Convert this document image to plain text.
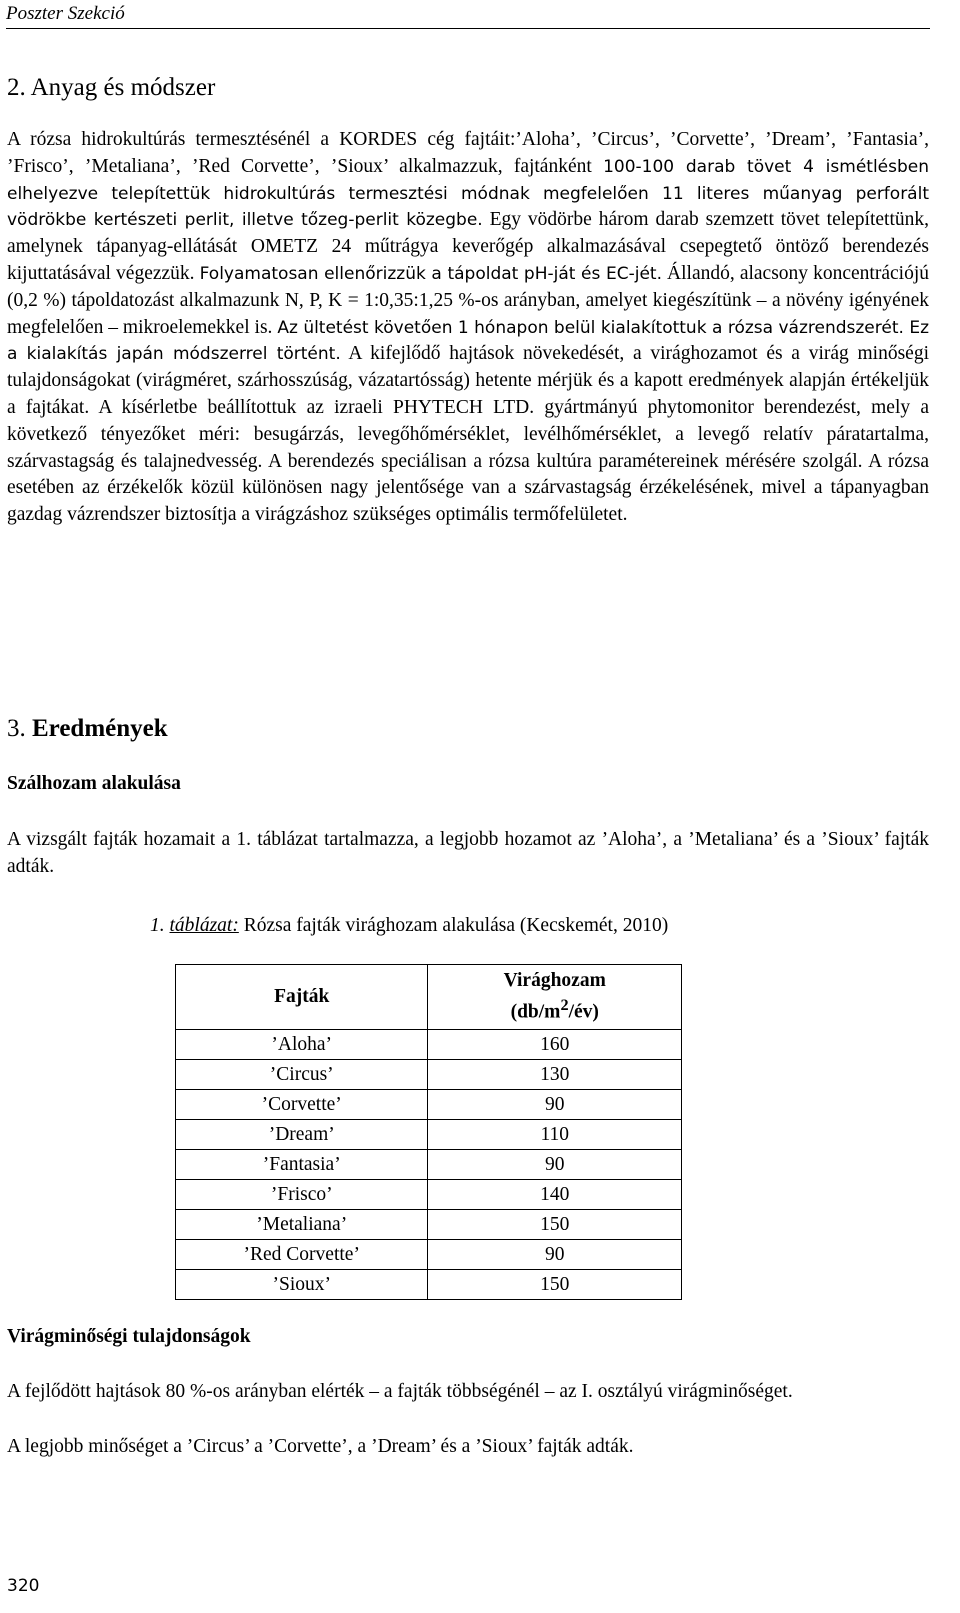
Poszter Szekció
2. Anyag és módszer
A rózsa hidrokultúrás termesztésénél a KORDES cég fajtáit:’Aloha’, ’Circus’, ’Corvette’, ’Dream’, ’Fantasia’, ’Frisco’, ’Metaliana’, ’Red Corvette’, ’Sioux’ alkalmazzuk, fajtánként 100-100 darab tövet 4 ismétlésben elhelyezve telepítettük hidrokultúrás termesztési módnak megfelelően 11 literes műanyag perforált vödrökbe kertészeti perlit, illetve tőzeg-perlit közegbe. Egy vödörbe három darab szemzett tövet telepítettünk, amelynek tápanyag-ellátását OMETZ 24 műtrágya keverőgép alkalmazásával csepegtető öntöző berendezés kijuttatásával végezzük. Folyamatosan ellenőrizzük a tápoldat pH-ját és EC-jét. Állandó, alacsony koncentrációjú (0,2 %) tápoldatozást alkalmazunk N, P, K = 1:0,35:1,25 %-os arányban, amelyet kiegészítünk – a növény igényének megfelelően – mikroelemekkel is. Az ültetést követően 1 hónapon belül kialakítottuk a rózsa vázrendszerét. Ez a kialakítás japán módszerrel történt. A kifejlődő hajtások növekedését, a virághozamot és a virág minőségi tulajdonságokat (virágméret, szárhosszúság, vázatartósság) hetente mérjük és a kapott eredmények alapján értékeljük a fajtákat. A kísérletbe beállítottuk az izraeli PHYTECH LTD. gyártmányú phytomonitor berendezést, mely a következő tényezőket méri: besugárzás, levegőhőmérséklet, levélhőmérséklet, a levegő relatív páratartalma, szárvastagság és talajnedvesség. A berendezés speciálisan a rózsa kultúra paramétereinek mérésére szolgál. A rózsa esetében az érzékelők közül különösen nagy jelentősége van a szárvastagság érzékelésének, mivel a tápanyagban gazdag vázrendszer biztosítja a virágzáshoz szükséges optimális termőfelületet.
3. Eredmények
Szálhozam alakulása
A vizsgált fajták hozamait a 1. táblázat tartalmazza, a legjobb hozamot az ’Aloha’, a ’Metaliana’ és a ’Sioux’ fajták adták.
1. táblázat: Rózsa fajták virághozam alakulása (Kecskemét, 2010)
Fajták	Virághozam
$(db/m^2/év)$
’Aloha’	160
’Circus’	130
’Corvette’	90
’Dream’	110
’Fantasia’	90
’Frisco’	140
’Metaliana’	150
’Red Corvette’	90
’Sioux’	150
Virágminőségi tulajdonságok
A fejlődött hajtások 80 %-os arányban elérték – a fajták többségénél – az I. osztályú virágminőséget.
A legjobb minőséget a ’Circus’ a ’Corvette’, a ’Dream’ és a ’Sioux’ fajták adták.
320
